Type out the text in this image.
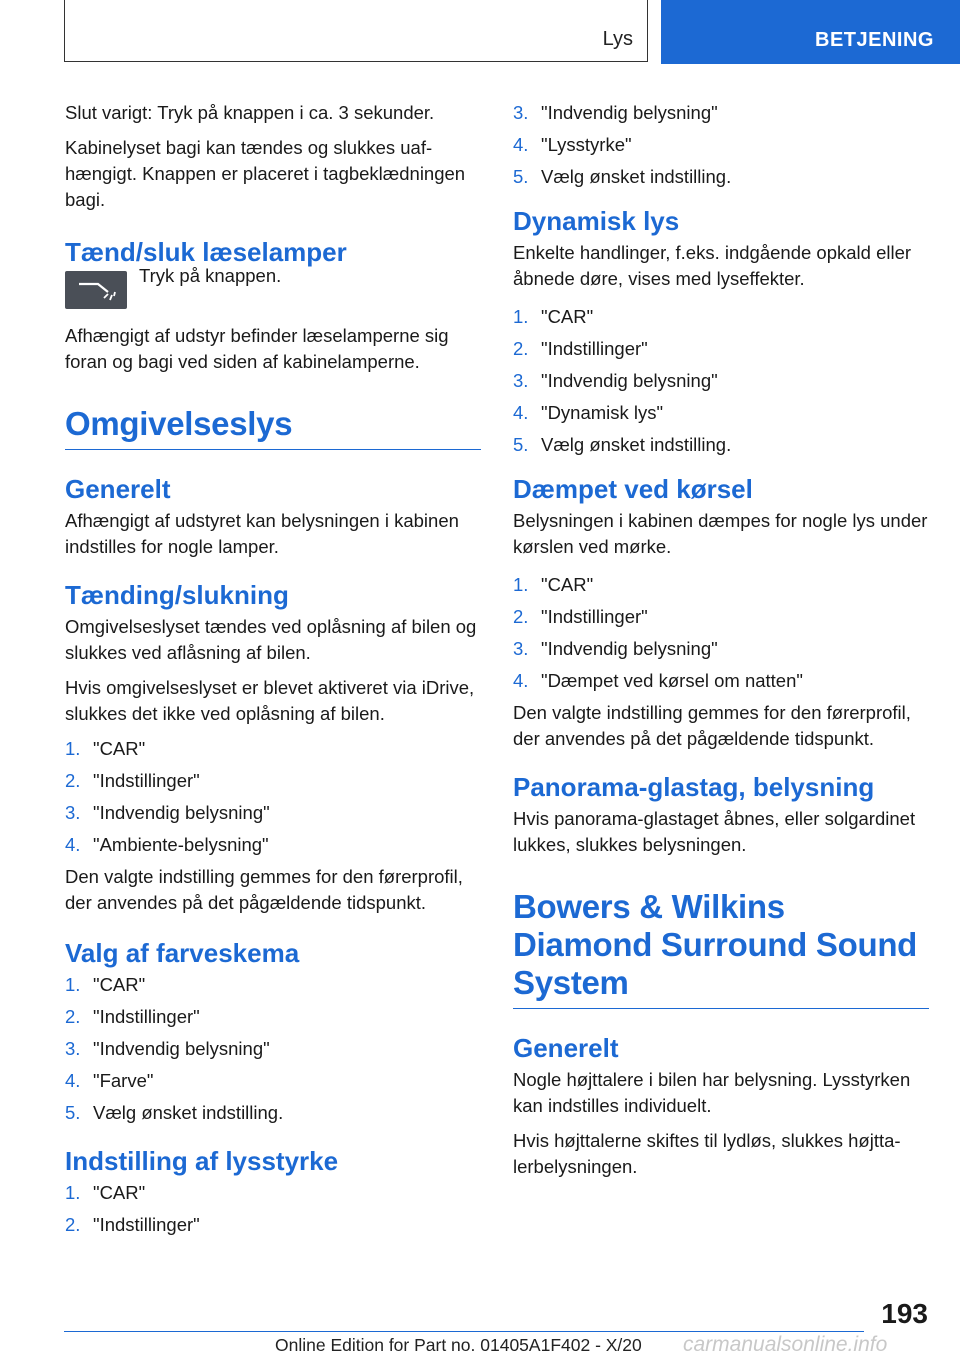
Lys	BETJENING

Slut varigt: Tryk på knappen i ca. 3 sekunder.

Kabinelyset bagi kan tændes og slukkes uafhængigt. Knappen er placeret i tagbeklædningen bagi.

Tænd/sluk læselamper

Tryk på knappen.

Afhængigt af udstyr befinder læselamperne sig foran og bagi ved siden af kabinelamperne.

Omgivelseslys
Generelt

Afhængigt af udstyret kan belysningen i kabinen indstilles for nogle lamper.

Tænding/slukning

Omgivelseslyset tændes ved oplåsning af bilen og slukkes ved aflåsning af bilen.

Hvis omgivelseslyset er blevet aktiveret via iDrive, slukkes det ikke ved oplåsning af bilen.

1. "CAR"
2. "Indstillinger"
3. "Indvendig belysning"
4. "Ambiente-belysning"

Den valgte indstilling gemmes for den førerprofil, der anvendes på det pågældende tidspunkt.

Valg af farveskema
1. "CAR"
2. "Indstillinger"
3. "Indvendig belysning"
4. "Farve"
5. Vælg ønsket indstilling.
Indstilling af lysstyrke
1. "CAR"
2. "Indstillinger"
3. "Indvendig belysning"
4. "Lysstyrke"
5. Vælg ønsket indstilling.
Dynamisk lys

Enkelte handlinger, f.eks. indgående opkald eller åbnede døre, vises med lyseffekter.

1. "CAR"
2. "Indstillinger"
3. "Indvendig belysning"
4. "Dynamisk lys"
5. Vælg ønsket indstilling.
Dæmpet ved kørsel

Belysningen i kabinen dæmpes for nogle lys under kørslen ved mørke.

1. "CAR"
2. "Indstillinger"
3. "Indvendig belysning"
4. "Dæmpet ved kørsel om natten"

Den valgte indstilling gemmes for den førerprofil, der anvendes på det pågældende tidspunkt.

Panorama-glastag, belysning

Hvis panorama-glastaget åbnes, eller solgardinet lukkes, slukkes belysningen.

Bowers & Wilkins Diamond Surround Sound System
Generelt

Nogle højttalere i bilen har belysning. Lysstyrken kan indstilles individuelt.

Hvis højttalerne skiftes til lydløs, slukkes højttalerbelysningen.

193
Online Edition for Part no. 01405A1F402 - X/20 carmanualsonline.info
